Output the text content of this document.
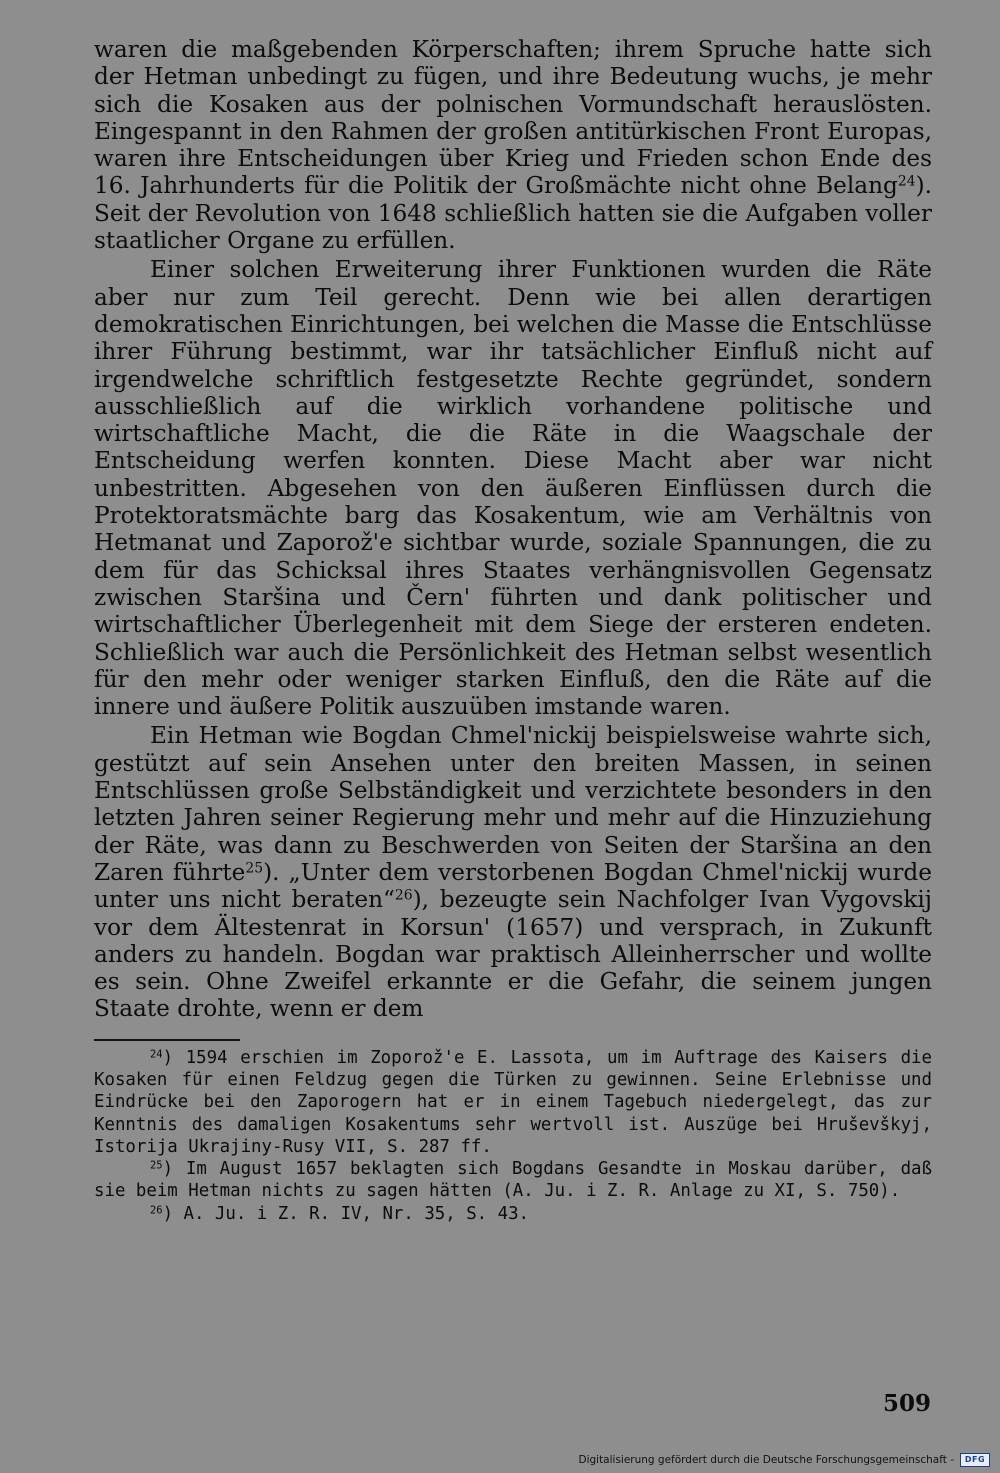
waren die maßgebenden Körperschaften; ihrem Spruche hatte sich der Hetman unbedingt zu fügen, und ihre Bedeutung wuchs, je mehr sich die Kosaken aus der polnischen Vormundschaft herauslösten. Eingespannt in den Rahmen der großen antitürkischen Front Europas, waren ihre Entscheidungen über Krieg und Frieden schon Ende des 16. Jahrhunderts für die Politik der Großmächte nicht ohne Belang$^{24}$). Seit der Revolution von 1648 schließlich hatten sie die Aufgaben voller staatlicher Organe zu erfüllen.

Einer solchen Erweiterung ihrer Funktionen wurden die Räte aber nur zum Teil gerecht. Denn wie bei allen derartigen demokratischen Einrichtungen, bei welchen die Masse die Entschlüsse ihrer Führung bestimmt, war ihr tatsächlicher Einfluß nicht auf irgendwelche schriftlich festgesetzte Rechte gegründet, sondern ausschließlich auf die wirklich vorhandene politische und wirtschaftliche Macht, die die Räte in die Waagschale der Entscheidung werfen konnten. Diese Macht aber war nicht unbestritten. Abgesehen von den äußeren Einflüssen durch die Protektoratsmächte barg das Kosakentum, wie am Verhältnis von Hetmanat und Zaporož'e sichtbar wurde, soziale Spannungen, die zu dem für das Schicksal ihres Staates verhängnisvollen Gegensatz zwischen Staršina und Čern' führten und dank politischer und wirtschaftlicher Überlegenheit mit dem Siege der ersteren endeten. Schließlich war auch die Persönlichkeit des Hetman selbst wesentlich für den mehr oder weniger starken Einfluß, den die Räte auf die innere und äußere Politik auszuüben imstande waren.

Ein Hetman wie Bogdan Chmel'nickij beispielsweise wahrte sich, gestützt auf sein Ansehen unter den breiten Massen, in seinen Entschlüssen große Selbständigkeit und verzichtete besonders in den letzten Jahren seiner Regierung mehr und mehr auf die Hinzuziehung der Räte, was dann zu Beschwerden von Seiten der Staršina an den Zaren führte$^{25}$). „Unter dem verstorbenen Bogdan Chmel'nickij wurde unter uns nicht beraten“$^{26}$), bezeugte sein Nachfolger Ivan Vygovskij vor dem Ältestenrat in Korsun' (1657) und versprach, in Zukunft anders zu handeln. Bogdan war praktisch Alleinherrscher und wollte es sein. Ohne Zweifel erkannte er die Gefahr, die seinem jungen Staate drohte, wenn er dem

$^{24}$) 1594 erschien im Zoporož'e E. Lassota, um im Auftrage des Kaisers die Kosaken für einen Feldzug gegen die Türken zu gewinnen. Seine Erlebnisse und Eindrücke bei den Zaporogern hat er in einem Tagebuch niedergelegt, das zur Kenntnis des damaligen Kosakentums sehr wertvoll ist. Auszüge bei Hruševškyj, Istorija Ukrajiny-Rusy VII, S. 287 ff.

$^{25}$) Im August 1657 beklagten sich Bogdans Gesandte in Moskau darüber, daß sie beim Hetman nichts zu sagen hätten (A. Ju. i Z. R. Anlage zu XI, S. 750).

$^{26}$) A. Ju. i Z. R. IV, Nr. 35, S. 43.

509
Digitalisierung gefördert durch die Deutsche Forschungsgemeinschaft -	DFG
